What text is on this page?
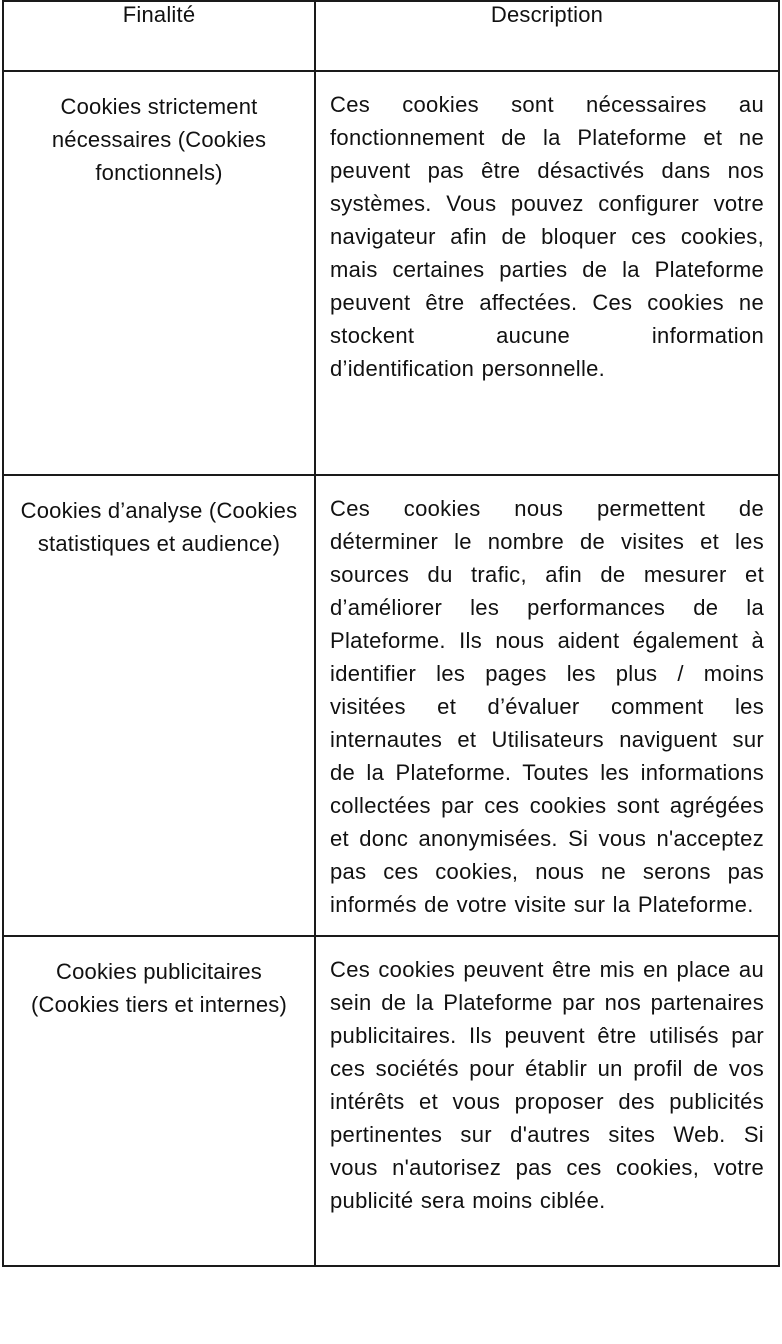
Finalité	Description
Cookies strictement nécessaires (Cookies fonctionnels)	Ces cookies sont nécessaires au fonctionnement de la Plateforme et ne peuvent pas être désactivés dans nos systèmes. Vous pouvez configurer votre navigateur afin de bloquer ces cookies, mais certaines parties de la Plateforme peuvent être affectées. Ces cookies ne stockent aucune information d’identification personnelle.
Cookies d’analyse (Cookies statistiques et audience)	Ces cookies nous permettent de déterminer le nombre de visites et les sources du trafic, afin de mesurer et d’améliorer les performances de la Plateforme. Ils nous aident également à identifier les pages les plus / moins visitées et d’évaluer comment les internautes et Utilisateurs naviguent sur de la Plateforme. Toutes les informations collectées par ces cookies sont agrégées et donc anonymisées. Si vous n'acceptez pas ces cookies, nous ne serons pas informés de votre visite sur la Plateforme.
Cookies publicitaires (Cookies tiers et internes)	Ces cookies peuvent être mis en place au sein de la Plateforme par nos partenaires publicitaires. Ils peuvent être utilisés par ces sociétés pour établir un profil de vos intérêts et vous proposer des publicités pertinentes sur d'autres sites Web. Si vous n'autorisez pas ces cookies, votre publicité sera moins ciblée.
